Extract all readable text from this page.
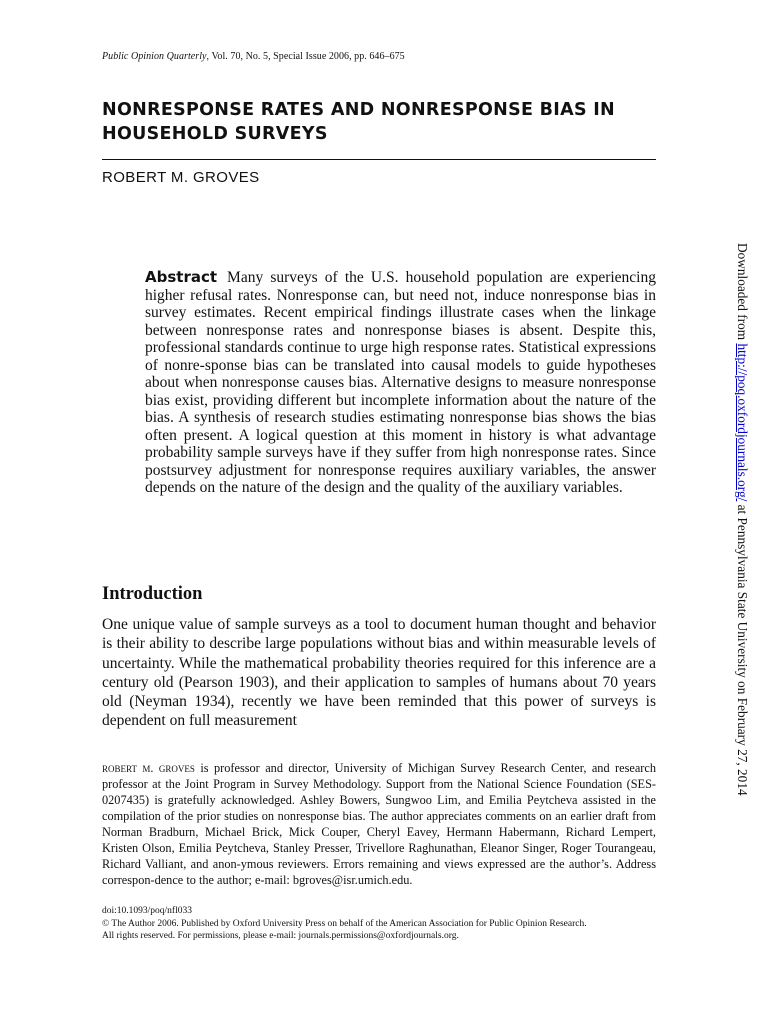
Public Opinion Quarterly, Vol. 70, No. 5, Special Issue 2006, pp. 646–675
NONRESPONSE RATES AND NONRESPONSE BIAS IN HOUSEHOLD SURVEYS
ROBERT M. GROVES

Abstract Many surveys of the U.S. household population are experiencing higher refusal rates. Nonresponse can, but need not, induce nonresponse bias in survey estimates. Recent empirical findings illustrate cases when the linkage between nonresponse rates and nonresponse biases is absent. Despite this, professional standards continue to urge high response rates. Statistical expressions of nonre-sponse bias can be translated into causal models to guide hypotheses about when nonresponse causes bias. Alternative designs to measure nonresponse bias exist, providing different but incomplete information about the nature of the bias. A synthesis of research studies estimating nonresponse bias shows the bias often present. A logical question at this moment in history is what advantage probability sample surveys have if they suffer from high nonresponse rates. Since postsurvey adjustment for nonresponse requires auxiliary variables, the answer depends on the nature of the design and the quality of the auxiliary variables.

Introduction

One unique value of sample surveys as a tool to document human thought and behavior is their ability to describe large populations without bias and within measurable levels of uncertainty. While the mathematical probability theories required for this inference are a century old (Pearson 1903), and their application to samples of humans about 70 years old (Neyman 1934), recently we have been reminded that this power of surveys is dependent on full measurement

robert m. groves is professor and director, University of Michigan Survey Research Center, and research professor at the Joint Program in Survey Methodology. Support from the National Science Foundation (SES-0207435) is gratefully acknowledged. Ashley Bowers, Sungwoo Lim, and Emilia Peytcheva assisted in the compilation of the prior studies on nonresponse bias. The author appreciates comments on an earlier draft from Norman Bradburn, Michael Brick, Mick Couper, Cheryl Eavey, Hermann Habermann, Richard Lempert, Kristen Olson, Emilia Peytcheva, Stanley Presser, Trivellore Raghunathan, Eleanor Singer, Roger Tourangeau, Richard Valliant, and anon-ymous reviewers. Errors remaining and views expressed are the author’s. Address correspon-dence to the author; e-mail: bgroves@isr.umich.edu.

doi:10.1093/poq/nfl033
© The Author 2006. Published by Oxford University Press on behalf of the American Association for Public Opinion Research.
All rights reserved. For permissions, please e-mail: journals.permissions@oxfordjournals.org.
Downloaded from http://poq.oxfordjournals.org/ at Pennsylvania State University on February 27, 2014
